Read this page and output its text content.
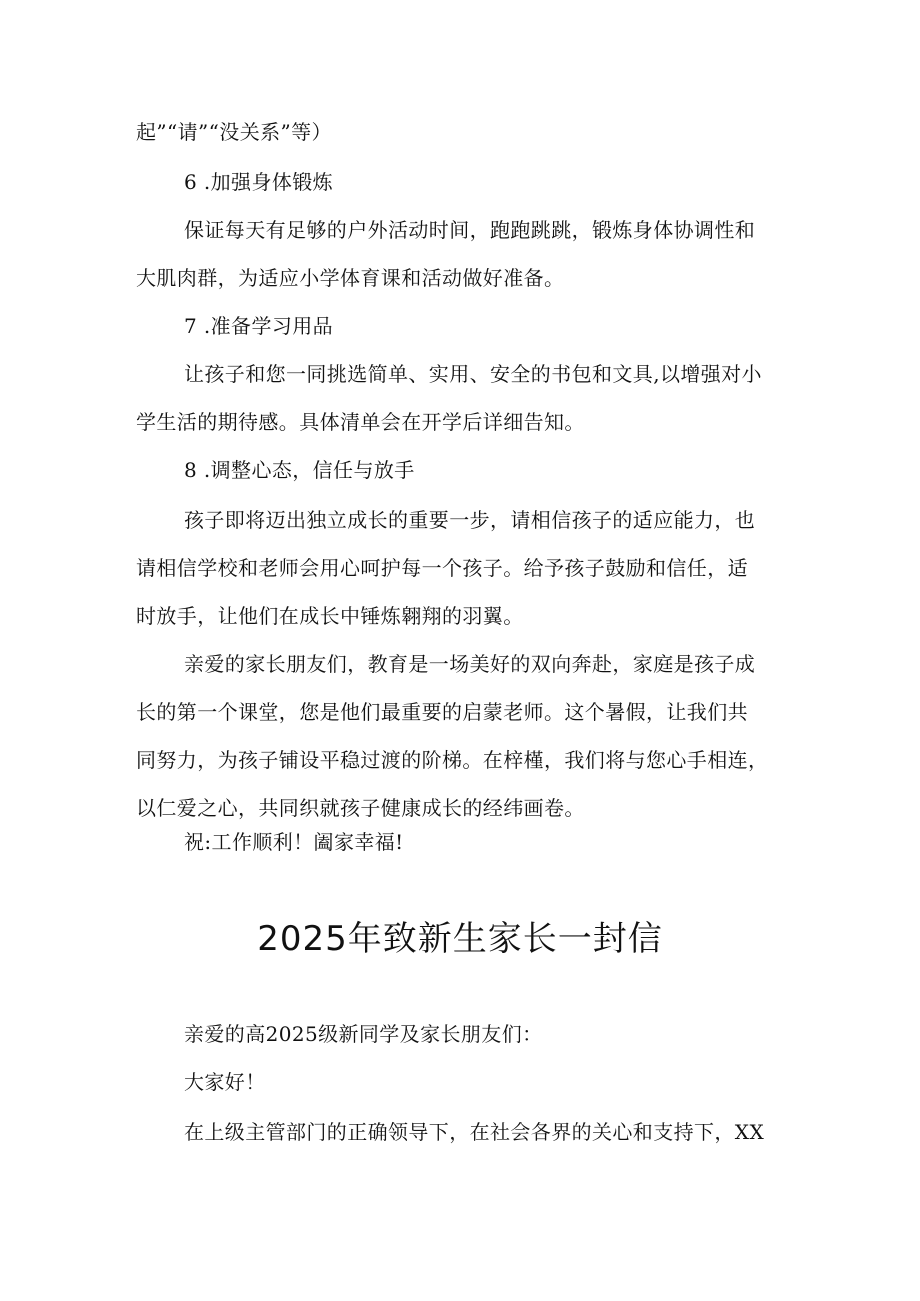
起”“请”“没关系”等）
6 .加强身体锻炼
保证每天有足够的户外活动时间，跑跑跳跳，锻炼身体协调性和
大肌肉群，为适应小学体育课和活动做好准备。
7 .准备学习用品
让孩子和您一同挑选简单、实用、安全的书包和文具,以增强对小
学生活的期待感。具体清单会在开学后详细告知。
8 .调整心态，信任与放手
孩子即将迈出独立成长的重要一步，请相信孩子的适应能力，也
请相信学校和老师会用心呵护每一个孩子。给予孩子鼓励和信任，适
时放手，让他们在成长中锤炼翱翔的羽翼。
亲爱的家长朋友们，教育是一场美好的双向奔赴，家庭是孩子成
长的第一个课堂，您是他们最重要的启蒙老师。这个暑假，让我们共
同努力，为孩子铺设平稳过渡的阶梯。在梓槿，我们将与您心手相连，
以仁爱之心，共同织就孩子健康成长的经纬画卷。
祝:工作顺利！阖家幸福!
2025年致新生家长一封信
亲爱的高2025级新同学及家长朋友们：
大家好！
在上级主管部门的正确领导下，在社会各界的关心和支持下，XX
